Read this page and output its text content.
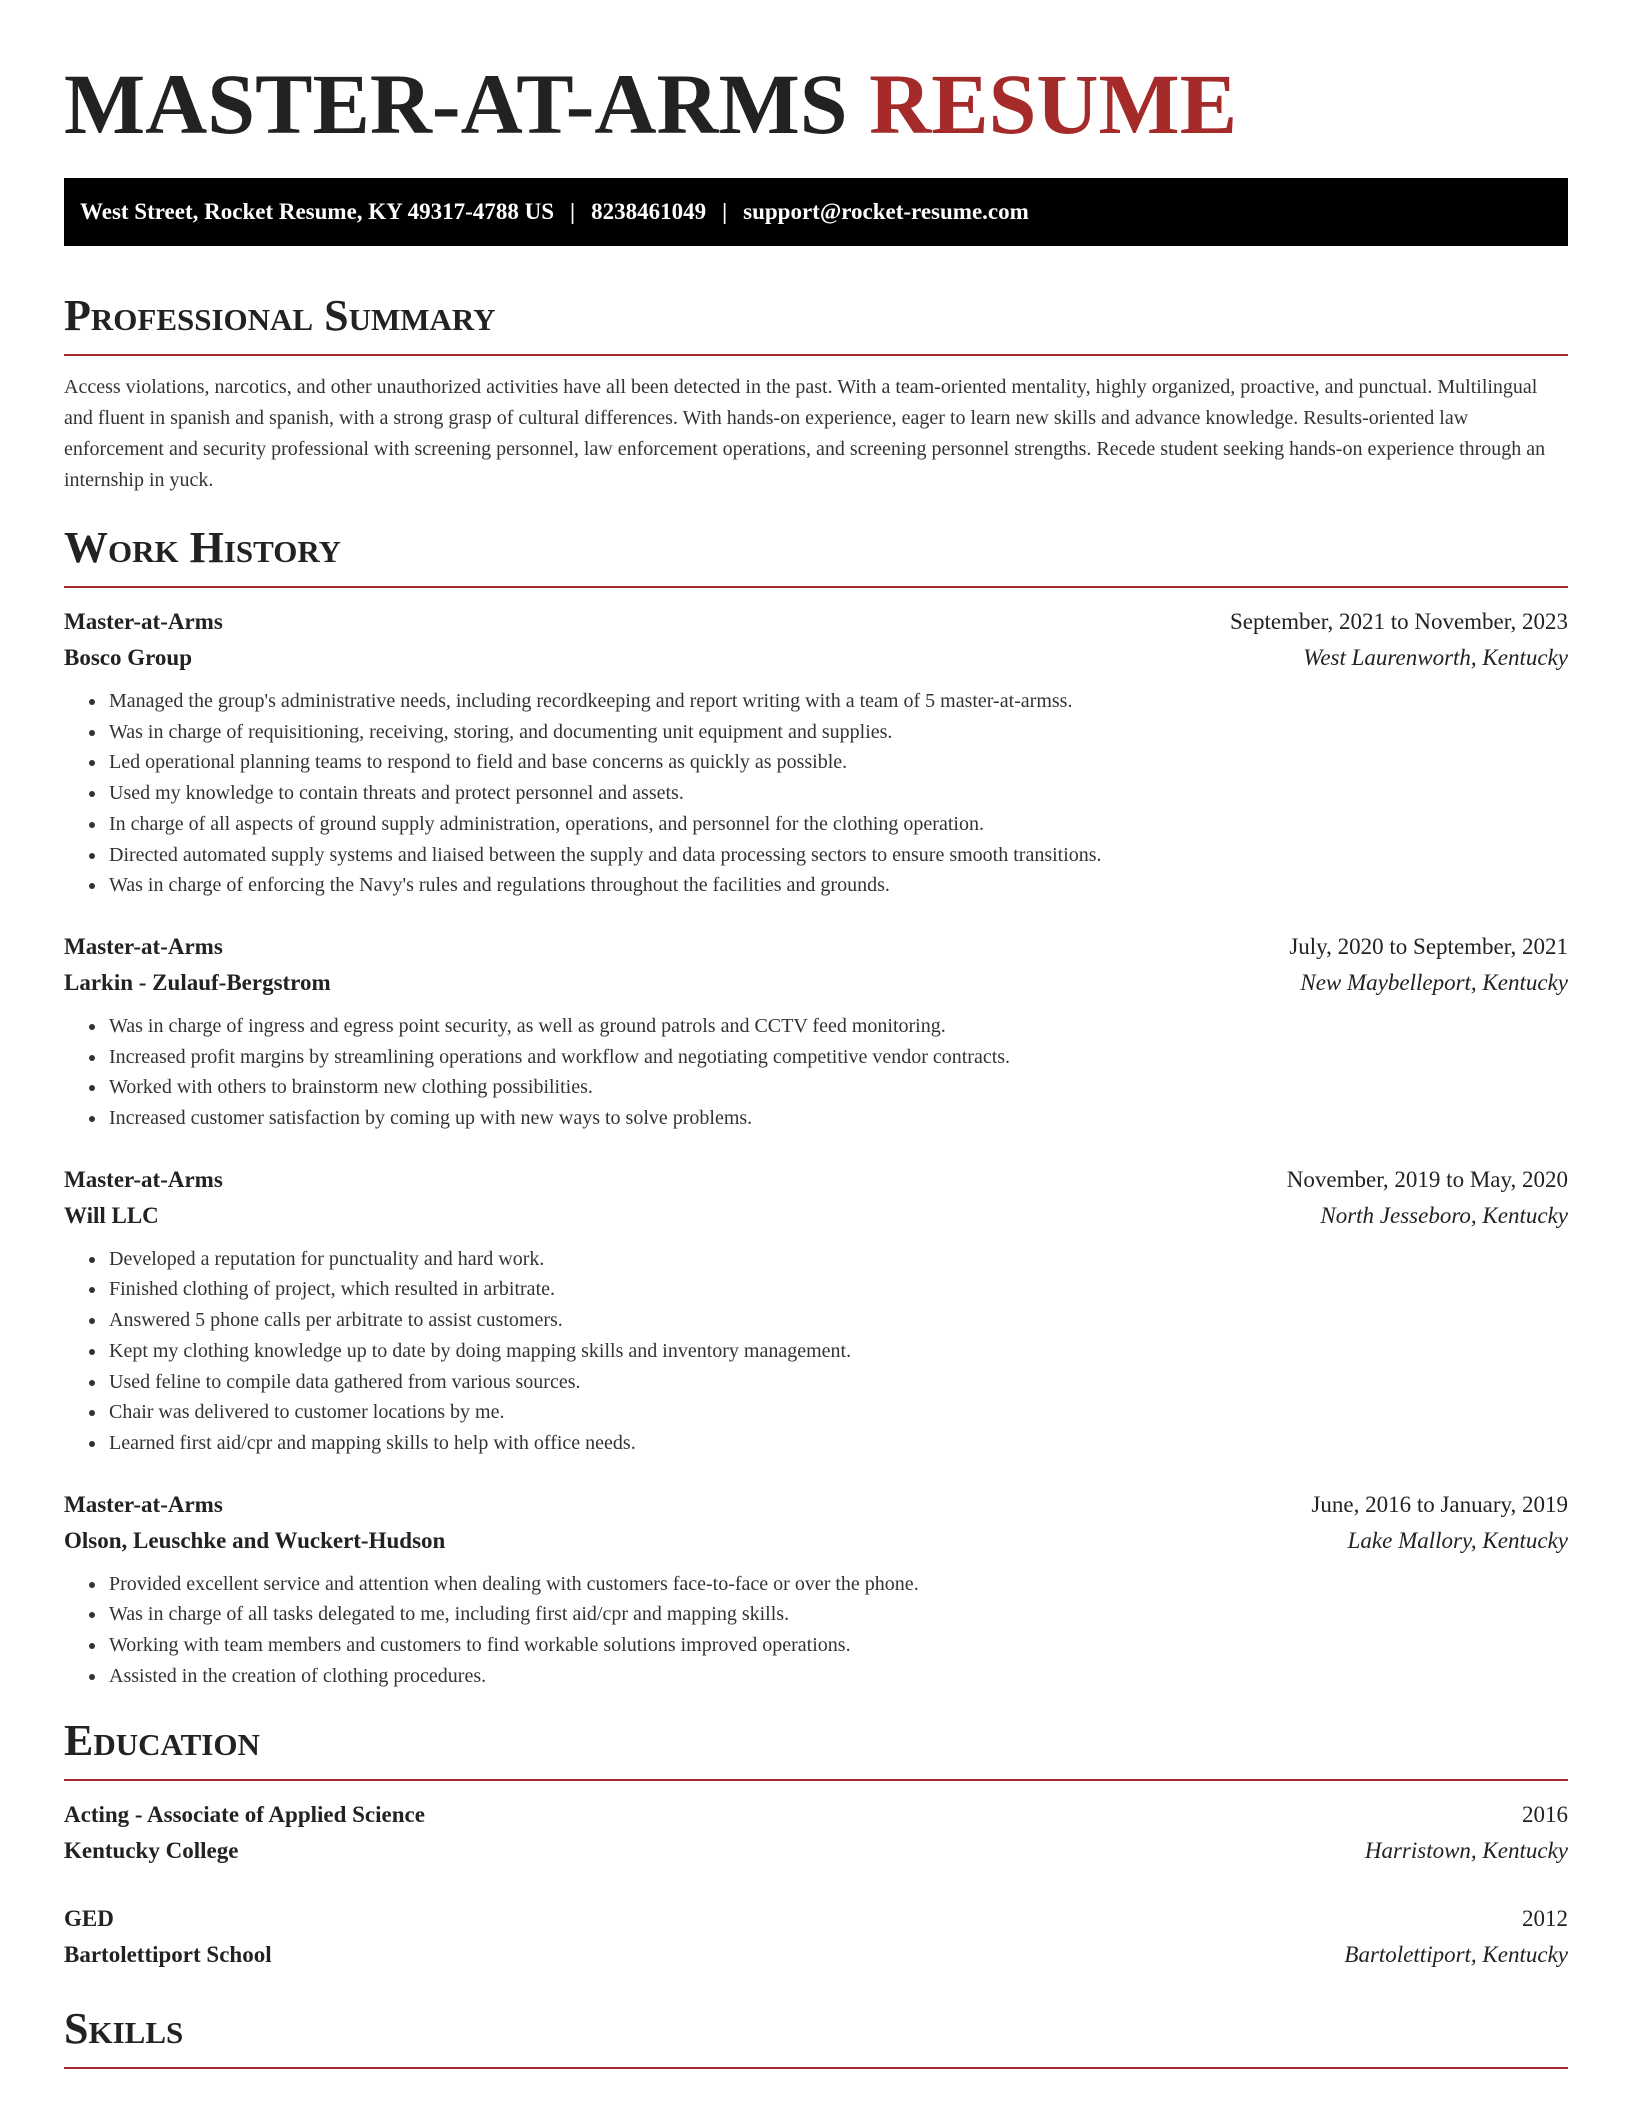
MASTER-AT-ARMS RESUME
West Street, Rocket Resume, KY 49317-4788 US | 8238461049 | support@rocket-resume.com
Professional Summary

Access violations, narcotics, and other unauthorized activities have all been detected in the past. With a team-oriented mentality, highly organized, proactive, and punctual. Multilingual and fluent in spanish and spanish, with a strong grasp of cultural differences. With hands-on experience, eager to learn new skills and advance knowledge. Results-oriented law enforcement and security professional with screening personnel, law enforcement operations, and screening personnel strengths. Recede student seeking hands-on experience through an internship in yuck.

Work History
Master-at-Arms	September, 2021 to November, 2023
Bosco Group	West Laurenworth, Kentucky
• Managed the group's administrative needs, including recordkeeping and report writing with a team of 5 master-at-armss.
• Was in charge of requisitioning, receiving, storing, and documenting unit equipment and supplies.
• Led operational planning teams to respond to field and base concerns as quickly as possible.
• Used my knowledge to contain threats and protect personnel and assets.
• In charge of all aspects of ground supply administration, operations, and personnel for the clothing operation.
• Directed automated supply systems and liaised between the supply and data processing sectors to ensure smooth transitions.
• Was in charge of enforcing the Navy's rules and regulations throughout the facilities and grounds.
Master-at-Arms	July, 2020 to September, 2021
Larkin - Zulauf-Bergstrom	New Maybelleport, Kentucky
• Was in charge of ingress and egress point security, as well as ground patrols and CCTV feed monitoring.
• Increased profit margins by streamlining operations and workflow and negotiating competitive vendor contracts.
• Worked with others to brainstorm new clothing possibilities.
• Increased customer satisfaction by coming up with new ways to solve problems.
Master-at-Arms	November, 2019 to May, 2020
Will LLC	North Jesseboro, Kentucky
• Developed a reputation for punctuality and hard work.
• Finished clothing of project, which resulted in arbitrate.
• Answered 5 phone calls per arbitrate to assist customers.
• Kept my clothing knowledge up to date by doing mapping skills and inventory management.
• Used feline to compile data gathered from various sources.
• Chair was delivered to customer locations by me.
• Learned first aid/cpr and mapping skills to help with office needs.
Master-at-Arms	June, 2016 to January, 2019
Olson, Leuschke and Wuckert-Hudson	Lake Mallory, Kentucky
• Provided excellent service and attention when dealing with customers face-to-face or over the phone.
• Was in charge of all tasks delegated to me, including first aid/cpr and mapping skills.
• Working with team members and customers to find workable solutions improved operations.
• Assisted in the creation of clothing procedures.
Education
Acting - Associate of Applied Science	2016
Kentucky College	Harristown, Kentucky
GED	2012
Bartolettiport School	Bartolettiport, Kentucky
Skills
